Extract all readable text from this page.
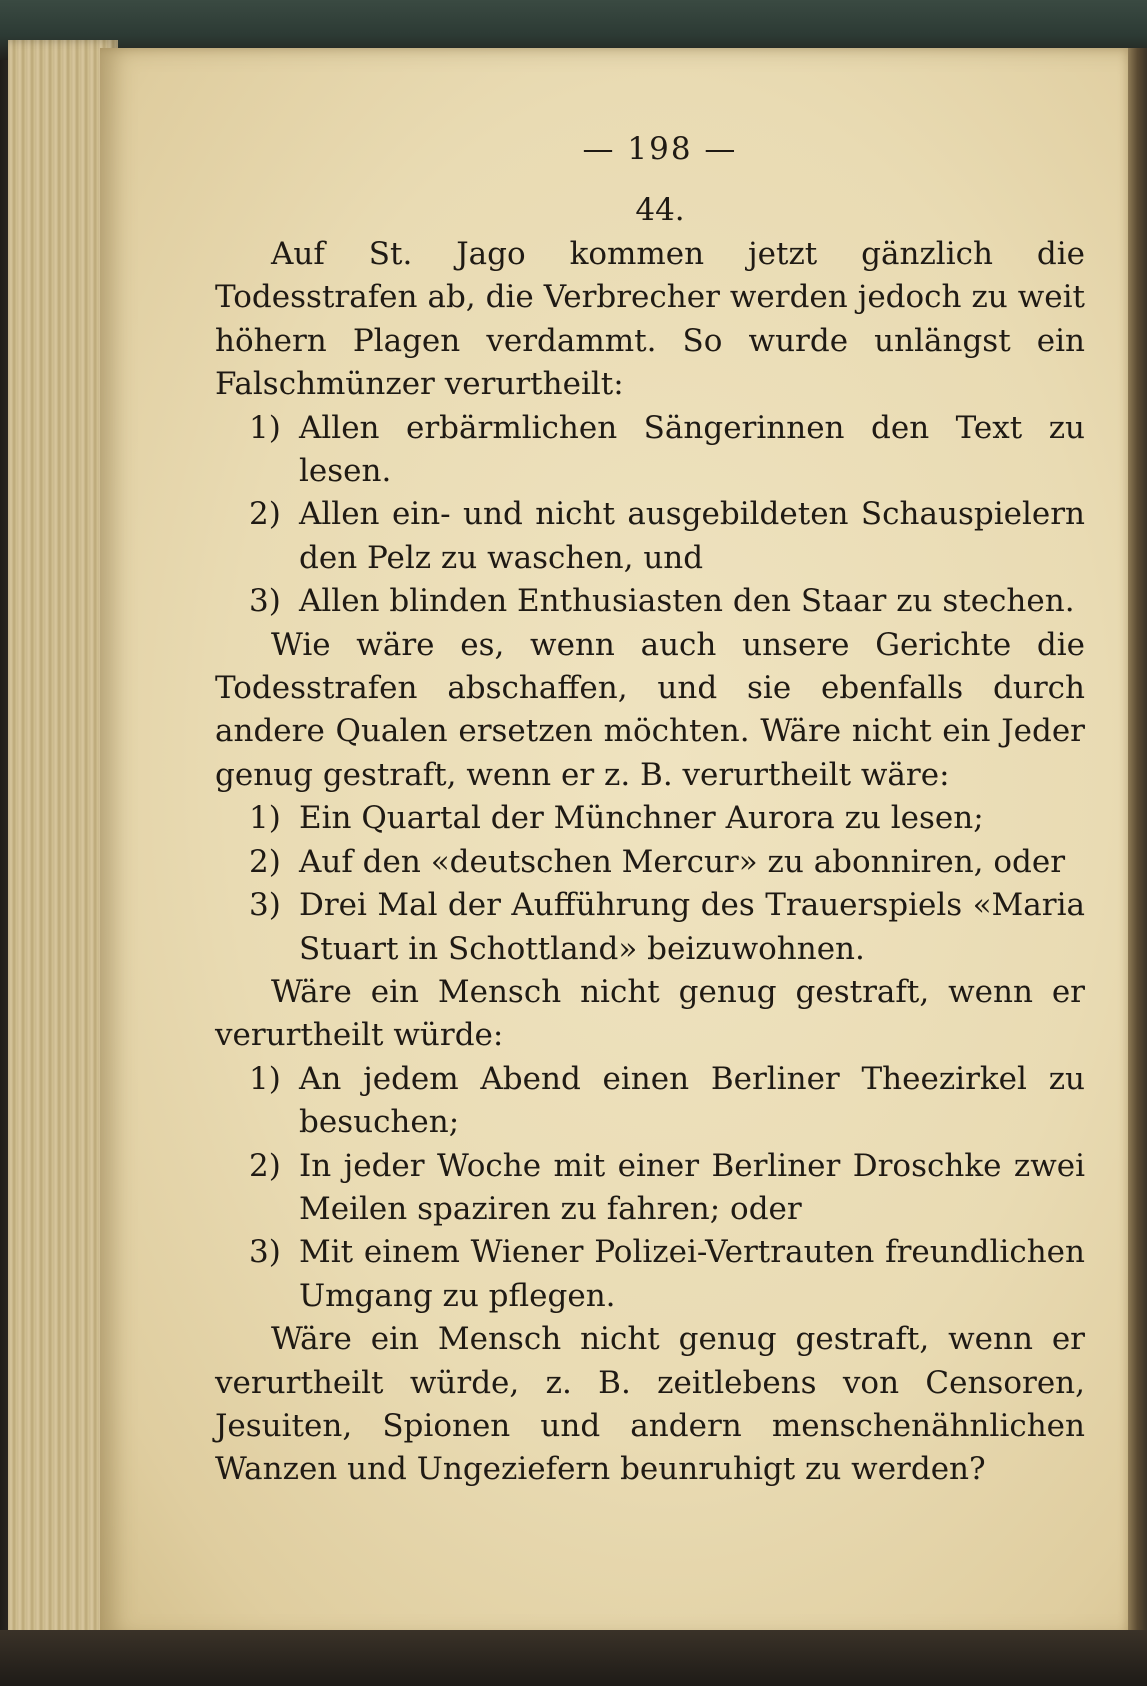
— 198 —
44.

Auf St. Jago kommen jetzt gänzlich die Todesstrafen ab, die Verbrecher werden jedoch zu weit höhern Plagen verdammt. So wurde unlängst ein Falschmünzer verurtheilt:

1) Allen erbärmlichen Sängerinnen den Text zu lesen.

2) Allen ein- und nicht ausgebildeten Schauspielern den Pelz zu waschen, und

3) Allen blinden Enthusiasten den Staar zu stechen.

Wie wäre es, wenn auch unsere Gerichte die Todesstrafen abschaffen, und sie ebenfalls durch andere Qualen ersetzen möchten. Wäre nicht ein Jeder genug gestraft, wenn er z. B. verurtheilt wäre:

1) Ein Quartal der Münchner Aurora zu lesen;

2) Auf den «deutschen Mercur» zu abonniren, oder

3) Drei Mal der Aufführung des Trauerspiels «Maria Stuart in Schottland» beizuwohnen.

Wäre ein Mensch nicht genug gestraft, wenn er verurtheilt würde:

1) An jedem Abend einen Berliner Theezirkel zu besuchen;

2) In jeder Woche mit einer Berliner Droschke zwei Meilen spaziren zu fahren; oder

3) Mit einem Wiener Polizei-Vertrauten freundlichen Umgang zu pflegen.

Wäre ein Mensch nicht genug gestraft, wenn er verurtheilt würde, z. B. zeitlebens von Censoren, Jesuiten, Spionen und andern menschenähnlichen Wanzen und Ungeziefern beunruhigt zu werden?
